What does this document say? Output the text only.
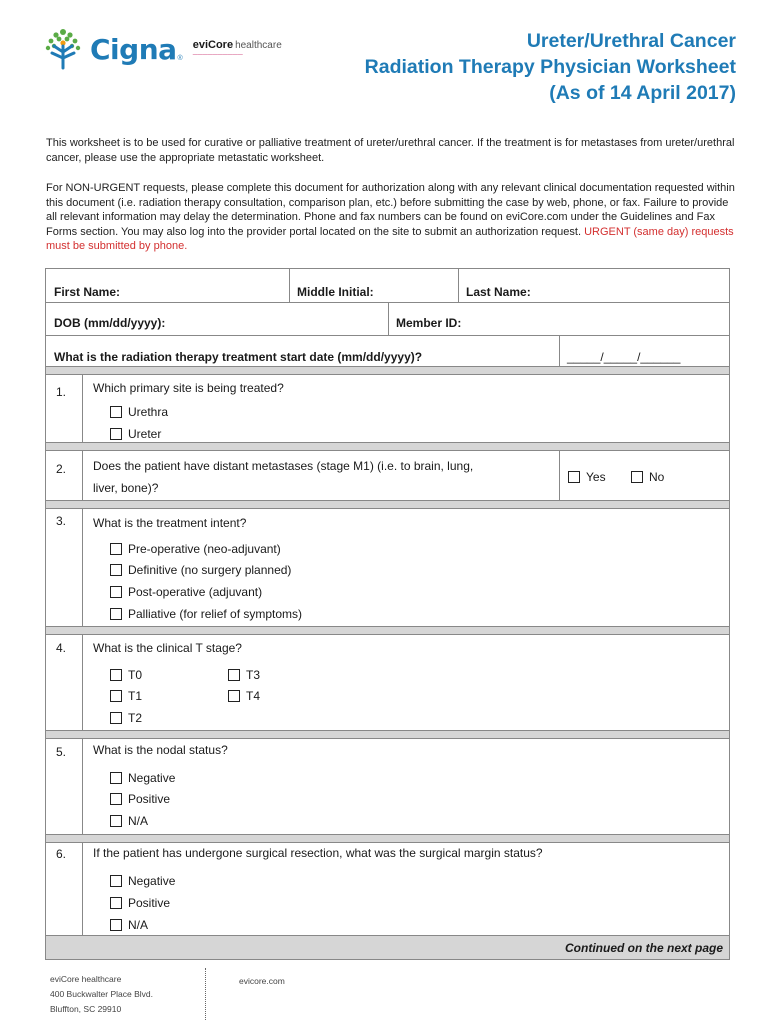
Cigna ®
eviCore healthcare
——————————
Ureter/Urethral Cancer
Radiation Therapy Physician Worksheet
(As of 14 April 2017)
This worksheet is to be used for curative or palliative treatment of ureter/urethral cancer. If the treatment is for metastases from ureter/urethral cancer, please use the appropriate metastatic worksheet.
For NON-URGENT requests, please complete this document for authorization along with any relevant clinical documentation requested within this document (i.e. radiation therapy consultation, comparison plan, etc.) before submitting the case by web, phone, or fax. Failure to provide all relevant information may delay the determination. Phone and fax numbers can be found on eviCore.com under the Guidelines and Fax Forms section. You may also log into the provider portal located on the site to submit an authorization request. URGENT (same day) requests must be submitted by phone.
First Name:	Middle Initial:	Last Name:
DOB (mm/dd/yyyy):	Member ID:
What is the radiation therapy treatment start date (mm/dd/yyyy)?	_____/_____/______
1. Which primary site is being treated?
Urethra
Ureter
2. Does the patient have distant metastases (stage M1) (i.e. to brain, lung,
liver, bone)?
Yes	No
3. What is the treatment intent?
Pre-operative (neo-adjuvant)
Definitive (no surgery planned)
Post-operative (adjuvant)
Palliative (for relief of symptoms)
4. What is the clinical T stage?
T0
T1
T2
T3
T4
5. What is the nodal status?
Negative
Positive
N/A
6. If the patient has undergone surgical resection, what was the surgical margin status?
Negative
Positive
N/A
Continued on the next page
eviCore healthcare
400 Buckwalter Place Blvd.
Bluffton, SC 29910
evicore.com
